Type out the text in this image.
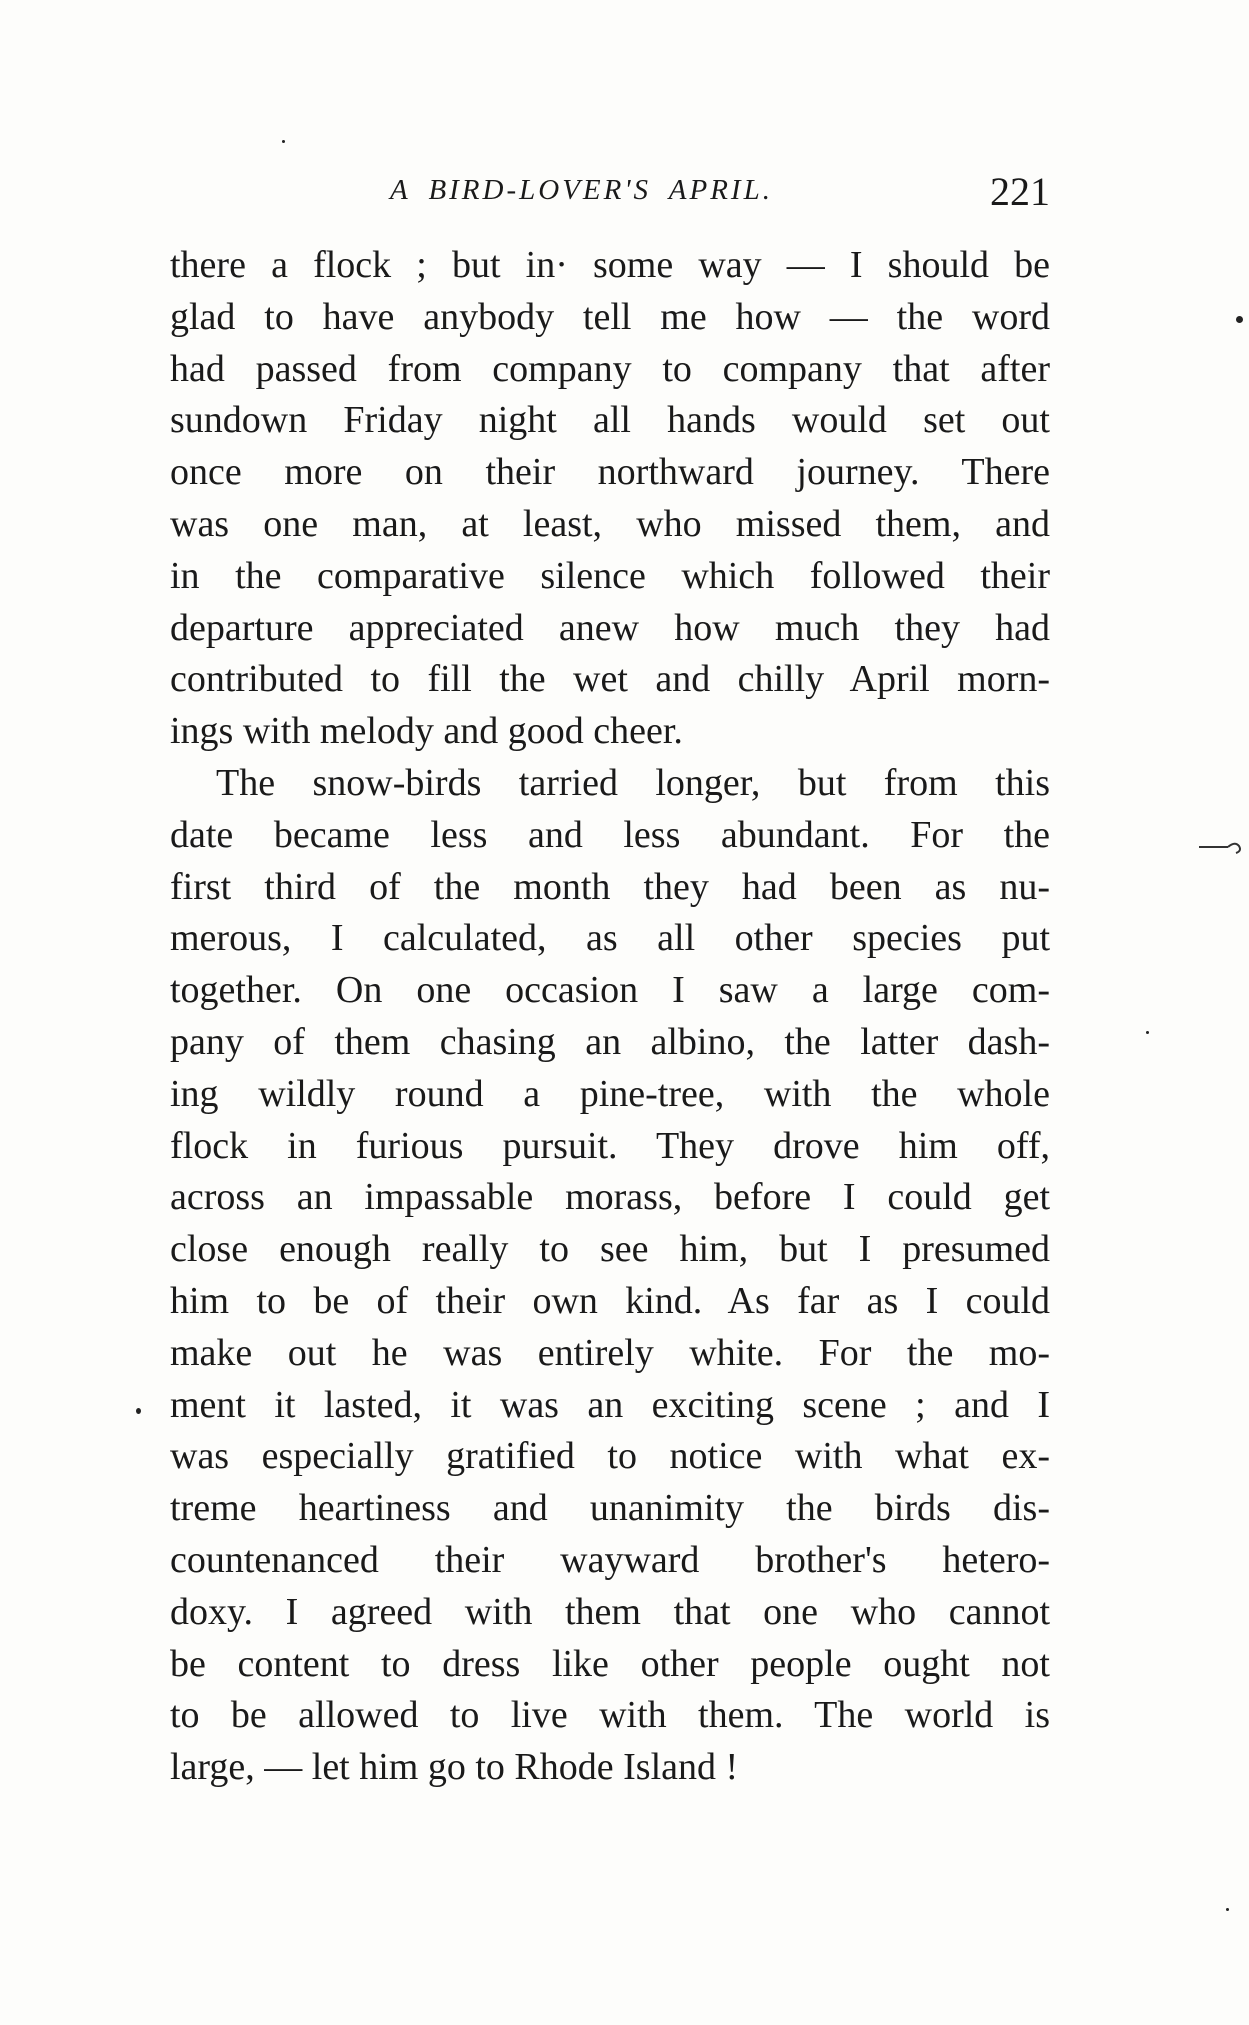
A BIRD-LOVER'S APRIL.	221
there a flock ; but in· some way — I should be
glad to have anybody tell me how — the word
had passed from company to company that after
sundown Friday night all hands would set out
once more on their northward journey. There
was one man, at least, who missed them, and
in the comparative silence which followed their
departure appreciated anew how much they had
contributed to fill the wet and chilly April morn-
ings with melody and good cheer.
The snow-birds tarried longer, but from this
date became less and less abundant. For the
first third of the month they had been as nu-
merous, I calculated, as all other species put
together. On one occasion I saw a large com-
pany of them chasing an albino, the latter dash-
ing wildly round a pine-tree, with the whole
flock in furious pursuit. They drove him off,
across an impassable morass, before I could get
close enough really to see him, but I presumed
him to be of their own kind. As far as I could
make out he was entirely white. For the mo-
ment it lasted, it was an exciting scene ; and I
was especially gratified to notice with what ex-
treme heartiness and unanimity the birds dis-
countenanced their wayward brother's hetero-
doxy. I agreed with them that one who cannot
be content to dress like other people ought not
to be allowed to live with them. The world is
large, — let him go to Rhode Island !
